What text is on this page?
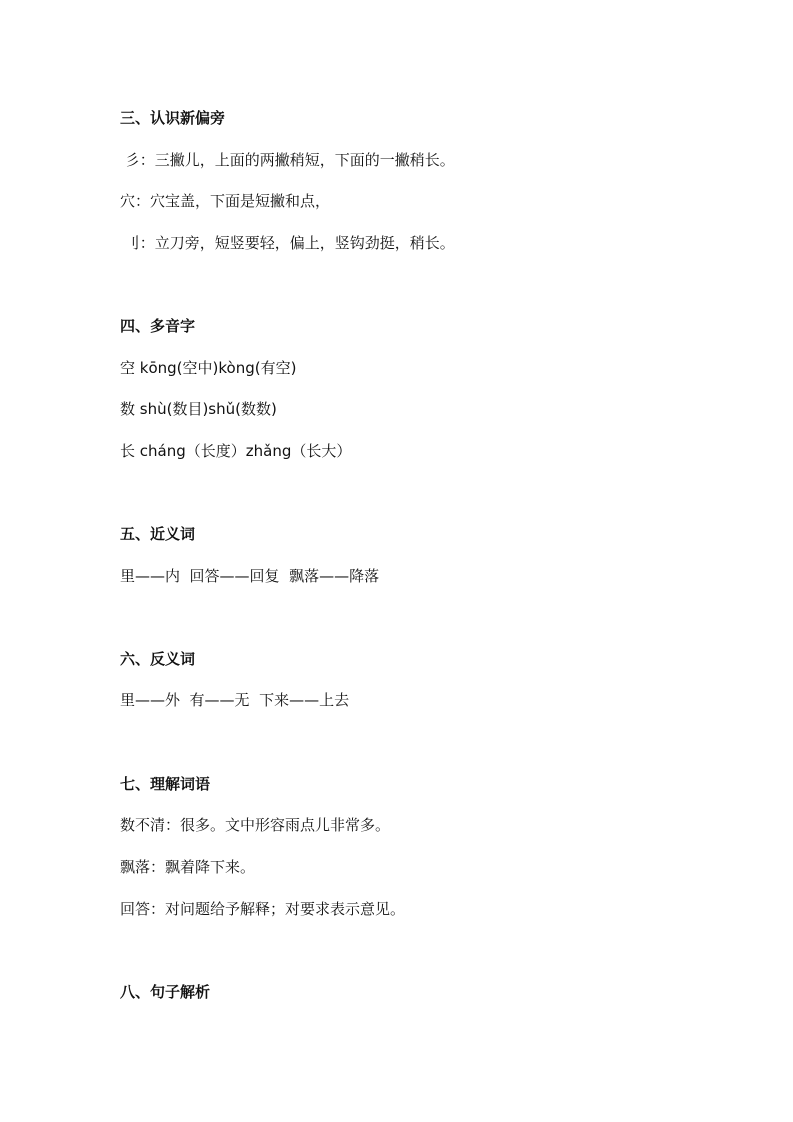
三、认识新偏旁
彡：三撇儿，上面的两撇稍短，下面的一撇稍长。
穴：穴宝盖，下面是短撇和点，
刂：立刀旁，短竖要轻，偏上，竖钩劲挺，稍长。
四、多音字
空 kōng(空中)kòng(有空)
数 shù(数目)shǔ(数数)
长 cháng（长度）zhǎng（长大）
五、近义词
里——内  回答——回复  飘落——降落
六、反义词
里——外  有——无  下来——上去
七、理解词语
数不清：很多。文中形容雨点儿非常多。
飘落：飘着降下来。
回答：对问题给予解释；对要求表示意见。
八、句子解析
